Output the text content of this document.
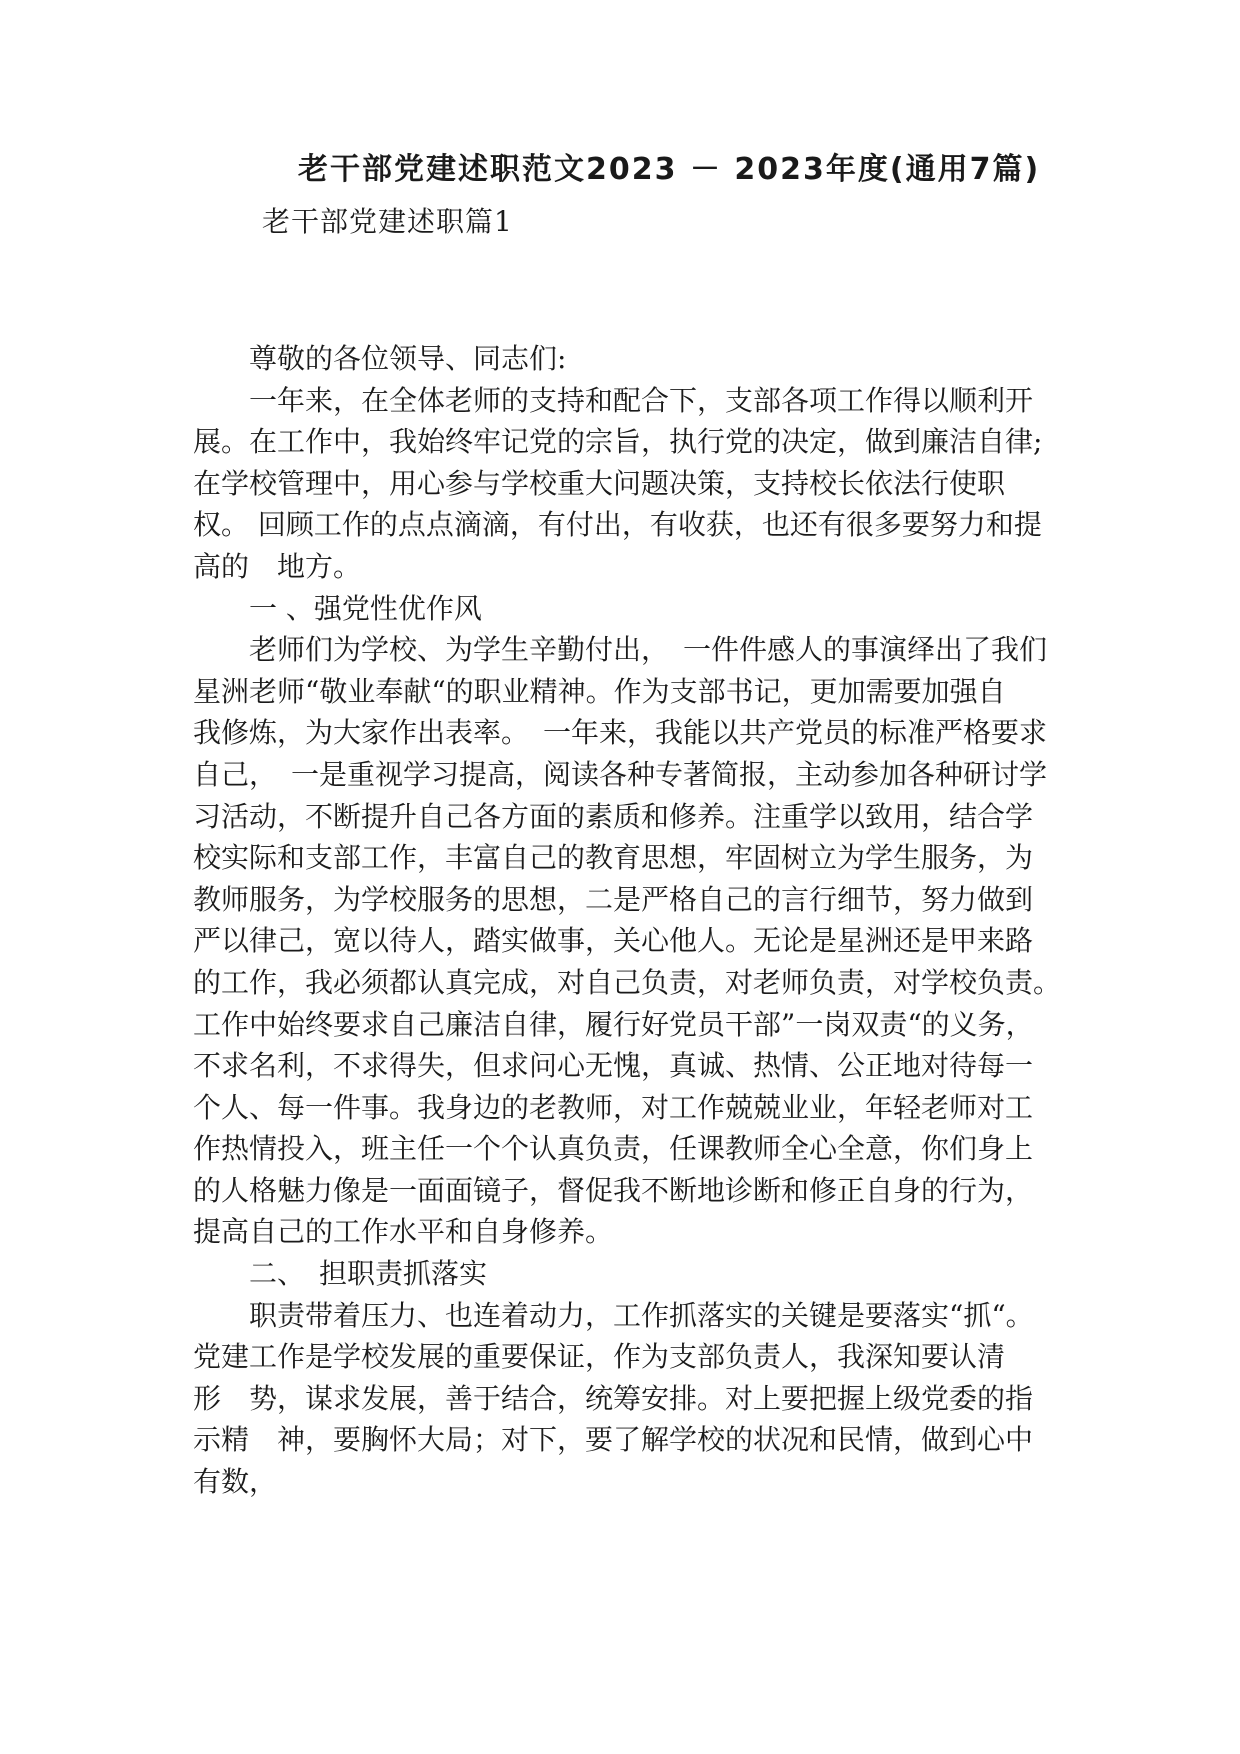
老干部党建述职范文2023 － 2023年度(通用7篇)
老干部党建述职篇1
尊敬的各位领导、同志们:
一年来，在全体老师的支持和配合下，支部各项工作得以顺利开
展。在工作中，我始终牢记党的宗旨，执行党的决定，做到廉洁自律;
在学校管理中，用心参与学校重大问题决策，支持校长依法行使职
权。 回顾工作的点点滴滴，有付出，有收获，也还有很多要努力和提
高的　地方。
一 、强党性优作风
老师们为学校、为学生辛勤付出，　一件件感人的事演绎出了我们
星洲老师“敬业奉献“的职业精神。作为支部书记，更加需要加强自
我修炼，为大家作出表率。　一年来，我能以共产党员的标准严格要求
自己，　一是重视学习提高，阅读各种专著简报，主动参加各种研讨学
习活动，不断提升自己各方面的素质和修养。注重学以致用，结合学
校实际和支部工作，丰富自己的教育思想，牢固树立为学生服务，为
教师服务，为学校服务的思想，二是严格自己的言行细节，努力做到
严以律己，宽以待人，踏实做事，关心他人。无论是星洲还是甲来路
的工作，我必须都认真完成，对自己负责，对老师负责，对学校负责。
工作中始终要求自己廉洁自律，履行好党员干部”一岗双责“的义务，
不求名利，不求得失，但求问心无愧，真诚、热情、公正地对待每一
个人、每一件事。我身边的老教师，对工作兢兢业业，年轻老师对工
作热情投入，班主任一个个认真负责，任课教师全心全意，你们身上
的人格魅力像是一面面镜子，督促我不断地诊断和修正自身的行为，
提高自己的工作水平和自身修养。
二、　担职责抓落实
职责带着压力、也连着动力，工作抓落实的关键是要落实“抓“。
党建工作是学校发展的重要保证，作为支部负责人，我深知要认清
形　势，谋求发展，善于结合，统筹安排。对上要把握上级党委的指
示精　神，要胸怀大局；对下，要了解学校的状况和民情，做到心中
有数，
